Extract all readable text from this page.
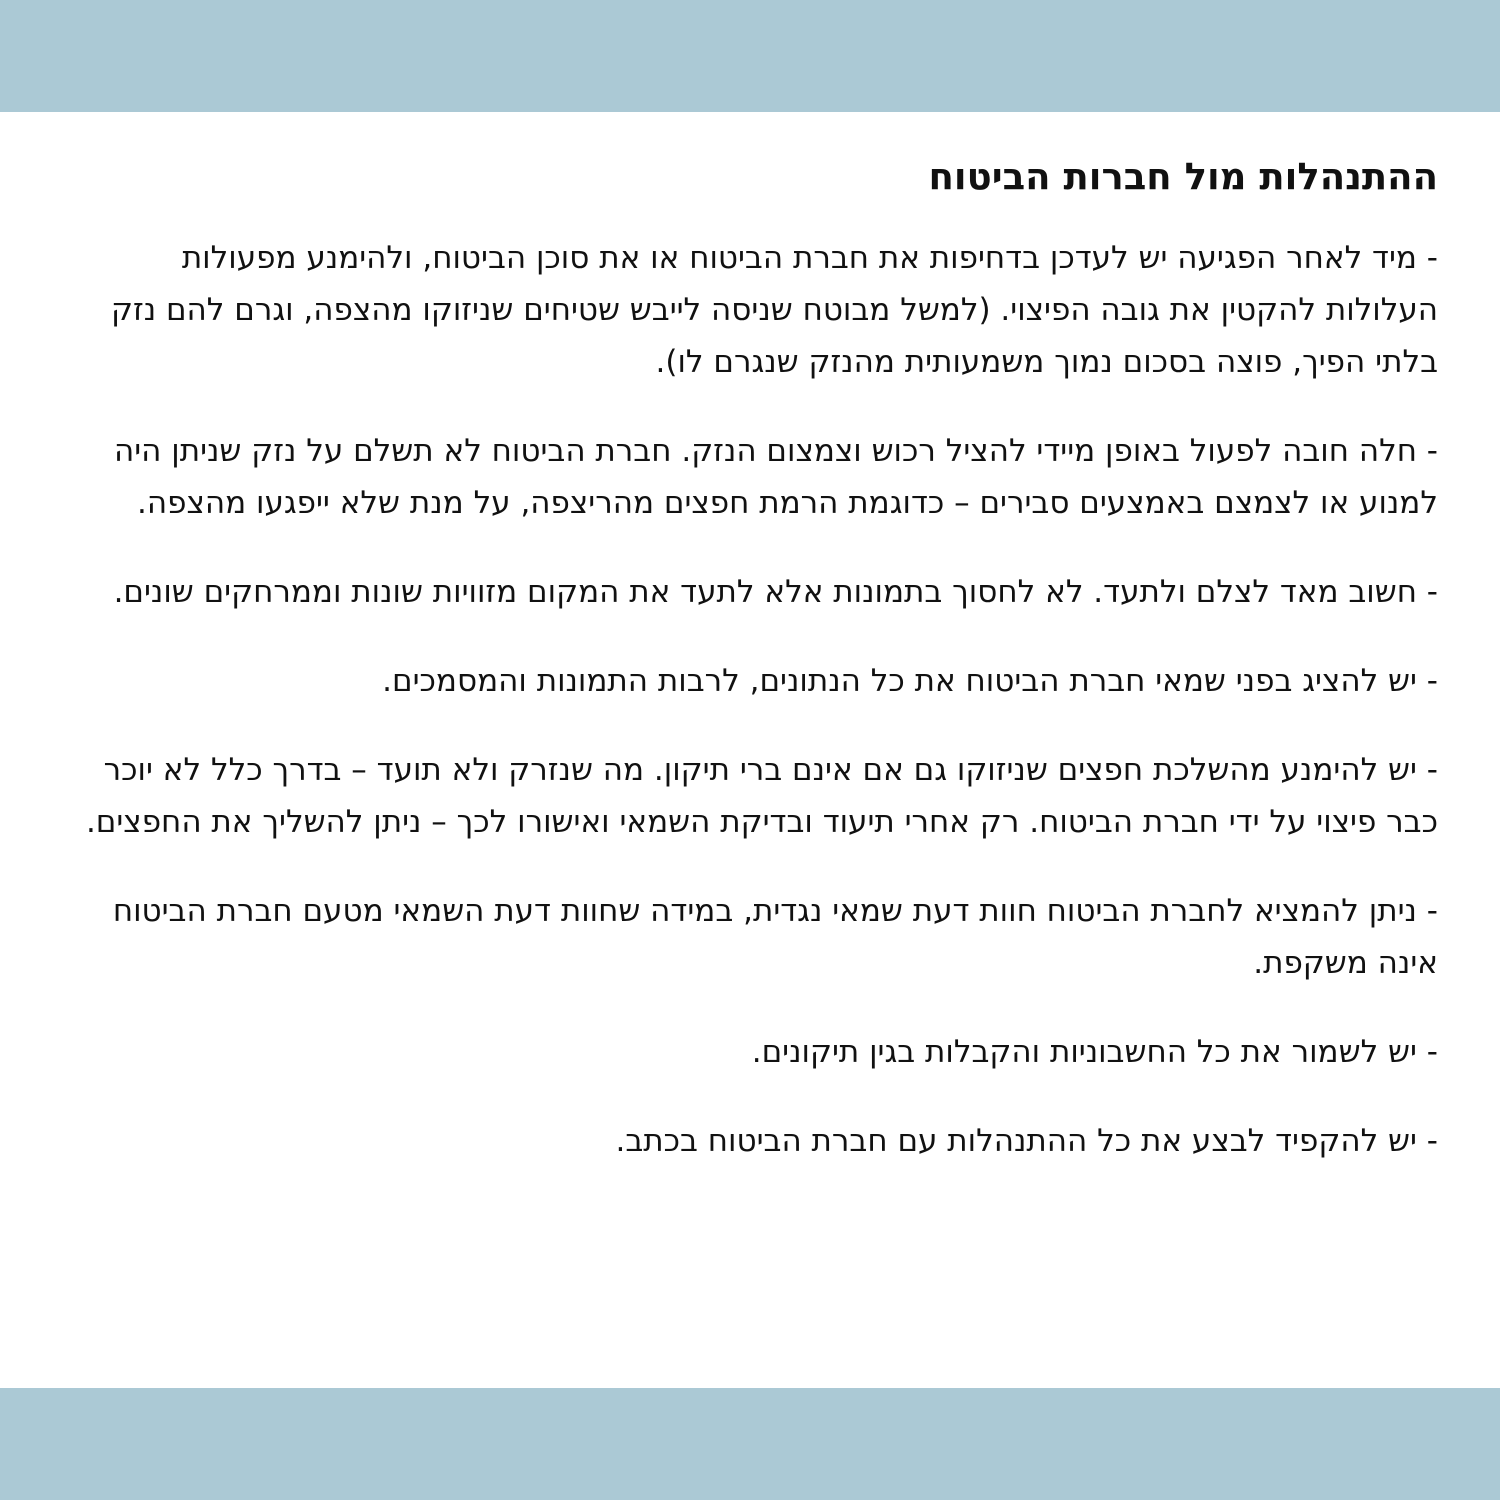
ההתנהלות מול חברות הביטוח

- מיד לאחר הפגיעה יש לעדכן בדחיפות את חברת הביטוח או את סוכן הביטוח, ולהימנע מפעולות העלולות להקטין את גובה הפיצוי. (למשל מבוטח שניסה לייבש שטיחים שניזוקו מהצפה, וגרם להם נזק בלתי הפיך, פוצה בסכום נמוך משמעותית מהנזק שנגרם לו).

- חלה חובה לפעול באופן מיידי להציל רכוש וצמצום הנזק. חברת הביטוח לא תשלם על נזק שניתן היה למנוע או לצמצם באמצעים סבירים – כדוגמת הרמת חפצים מהריצפה, על מנת שלא ייפגעו מהצפה.

- חשוב מאד לצלם ולתעד. לא לחסוך בתמונות אלא לתעד את המקום מזוויות שונות וממרחקים שונים.

- יש להציג בפני שמאי חברת הביטוח את כל הנתונים, לרבות התמונות והמסמכים.

- יש להימנע מהשלכת חפצים שניזוקו גם אם אינם ברי תיקון. מה שנזרק ולא תועד – בדרך כלל לא יוכר כבר פיצוי על ידי חברת הביטוח. רק אחרי תיעוד ובדיקת השמאי ואישורו לכך – ניתן להשליך את החפצים.

- ניתן להמציא לחברת הביטוח חוות דעת שמאי נגדית, במידה שחוות דעת השמאי מטעם חברת הביטוח אינה משקפת.

- יש לשמור את כל החשבוניות והקבלות בגין תיקונים.

- יש להקפיד לבצע את כל ההתנהלות עם חברת הביטוח בכתב.
